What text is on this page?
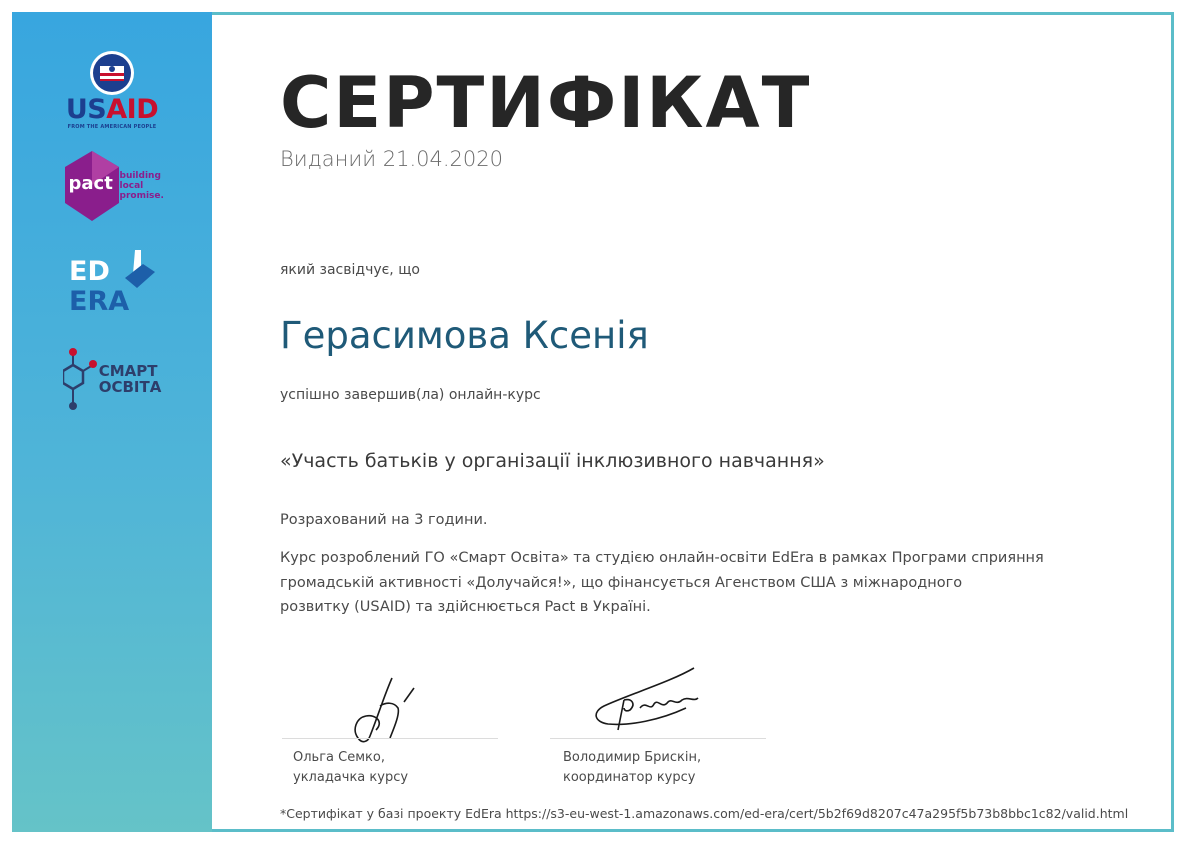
USAID
FROM THE AMERICAN PEOPLE
pact building local promise.
ED
ERA
СМАРТ
ОСВІТА
СЕРТИФІКАТ
Виданий 21.04.2020
який засвідчує, що
Герасимова Ксенія
успішно завершив(ла) онлайн-курс
«Участь батьків у організації інклюзивного навчання»
Розрахований на 3 години.
Курс розроблений ГО «Смарт Освіта» та студією онлайн-освіти EdEra в рамках Програми сприяння
громадській активності «Долучайся!», що фінансується Агенством США з міжнародного
розвитку (USAID) та здійснюється Pact в Україні.
Ольга Семко,
укладачка курсу
Володимир Брискін,
координатор курсу
*Сертифікат у базі проекту EdEra https://s3-eu-west-1.amazonaws.com/ed-era/cert/5b2f69d8207c47a295f5b73b8bbc1c82/valid.html
